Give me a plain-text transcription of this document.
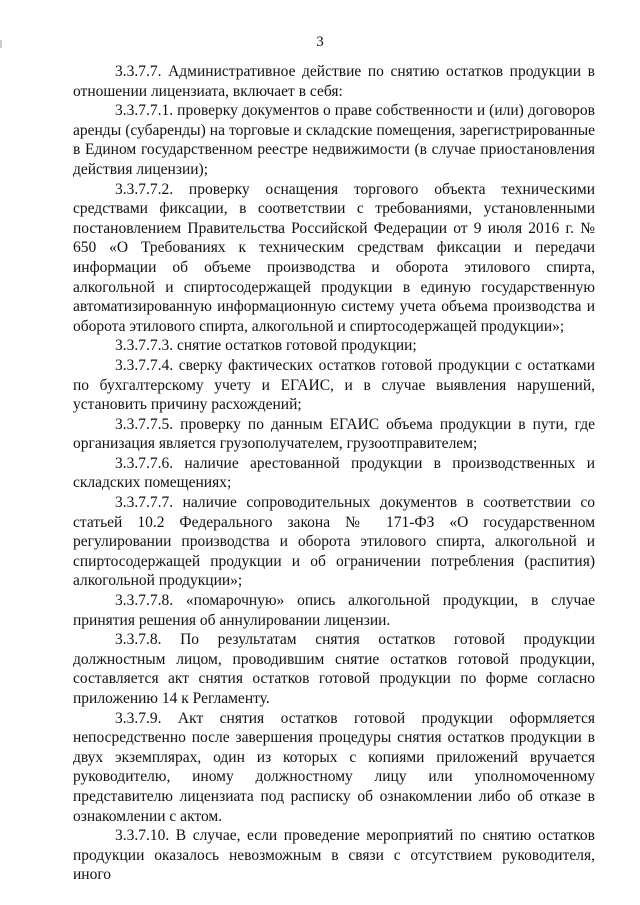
3

3.3.7.7. Административное действие по снятию остатков продукции в отношении лицензиата, включает в себя:

3.3.7.7.1. проверку документов о праве собственности и (или) договоров аренды (субаренды) на торговые и складские помещения, зарегистрированные в Едином государственном реестре недвижимости (в случае приостановления действия лицензии);

3.3.7.7.2. проверку оснащения торгового объекта техническими средствами фиксации, в соответствии с требованиями, установленными постановлением Правительства Российской Федерации от 9 июля 2016 г. № 650 «О Требованиях к техническим средствам фиксации и передачи информации об объеме производства и оборота этилового спирта, алкогольной и спиртосодержащей продукции в единую государственную автоматизированную информационную систему учета объема производства и оборота этилового спирта, алкогольной и спиртосодержащей продукции»;

3.3.7.7.3. снятие остатков готовой продукции;

3.3.7.7.4. сверку фактических остатков готовой продукции с остатками по бухгалтерскому учету и ЕГАИС, и в случае выявления нарушений, установить причину расхождений;

3.3.7.7.5. проверку по данным ЕГАИС объема продукции в пути, где организация является грузополучателем, грузоотправителем;

3.3.7.7.6. наличие арестованной продукции в производственных и складских помещениях;

3.3.7.7.7. наличие сопроводительных документов в соответствии со статьей 10.2 Федерального закона № 171-ФЗ «О государственном регулировании производства и оборота этилового спирта, алкогольной и спиртосодержащей продукции и об ограничении потребления (распития) алкогольной продукции»;

3.3.7.7.8. «помарочную» опись алкогольной продукции, в случае принятия решения об аннулировании лицензии.

3.3.7.8. По результатам снятия остатков готовой продукции должностным лицом, проводившим снятие остатков готовой продукции, составляется акт снятия остатков готовой продукции по форме согласно приложению 14 к Регламенту.

3.3.7.9. Акт снятия остатков готовой продукции оформляется непосредственно после завершения процедуры снятия остатков продукции в двух экземплярах, один из которых с копиями приложений вручается руководителю, иному должностному лицу или уполномоченному представителю лицензиата под расписку об ознакомлении либо об отказе в ознакомлении с актом.

3.3.7.10. В случае, если проведение мероприятий по снятию остатков продукции оказалось невозможным в связи с отсутствием руководителя, иного
